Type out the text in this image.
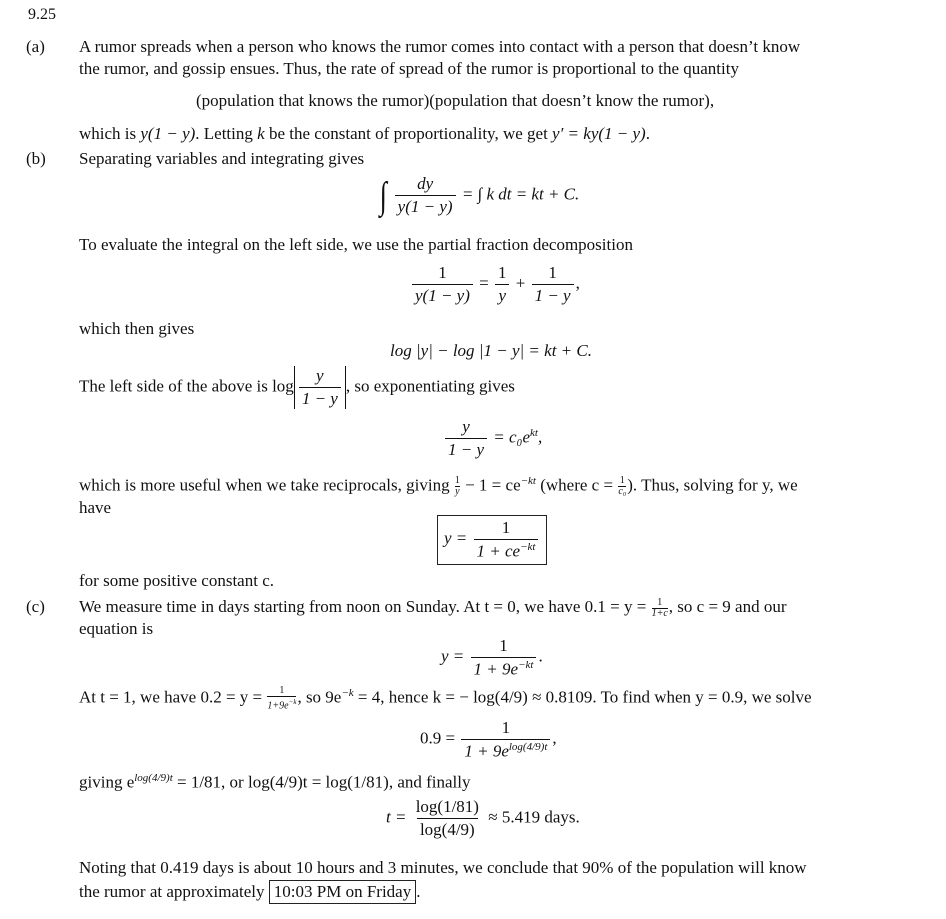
9.25
(a) A rumor spreads when a person who knows the rumor comes into contact with a person that doesn’t know
the rumor, and gossip ensues. Thus, the rate of spread of the rumor is proportional to the quantity
(population that knows the rumor)(population that doesn’t know the rumor),
which is y(1 − y). Letting k be the constant of proportionality, we get y′ = ky(1 − y).
(b) Separating variables and integrating gives
∫ $\frac{dy}{y(1 - y)}$ = ∫ k dt = kt + C.
To evaluate the integral on the left side, we use the partial fraction decomposition
$\frac{1}{y(1 - y)} = \frac{1}{y} + \frac{1}{1 - y}$ ,
which then gives
log |y| − log |1 − y| = kt + C.
The left side of the above is $\log \frac{y}{1 - y}$ , so exponentiating gives
$\frac{y}{1 - y} = c_0e^{kt}$,
which is more useful when we take reciprocals, giving $\frac{1}{y} - 1 = ce^{-kt}$ (where $c = \frac{1}{\text{c₀}}$ ). Thus, solving for y, we
have
$y = \frac{1}{1 + ce^{-kt}}$
for some positive constant c.
(c) We measure time in days starting from noon on Sunday. At t = 0, we have $0.1 = y = \frac{1}{1+c}$ , so c = 9 and our
equation is
$y = \frac{1}{1 + 9e^{-kt}}$ .
At t = 1, we have $0.2 = y = \frac{1}{1+9e^{-k}}$ , so $9e^{-k} = 4$, hence k = − log(4/9) ≈ 0.8109. To find when y = 0.9, we solve
$0.9 = \frac{1}{1 + 9e^{log(4/9)t}}$ ,
giving $e^{log(4/9)t} = 1/81$, or log(4/9)t = log(1/81), and finally
$t = \frac{\log(1/81)}{\log(4/9)} \approx 5.419$ days.
Noting that 0.419 days is about 10 hours and 3 minutes, we conclude that 90% of the population will know
the rumor at approximately 10:03 PM on Friday .
